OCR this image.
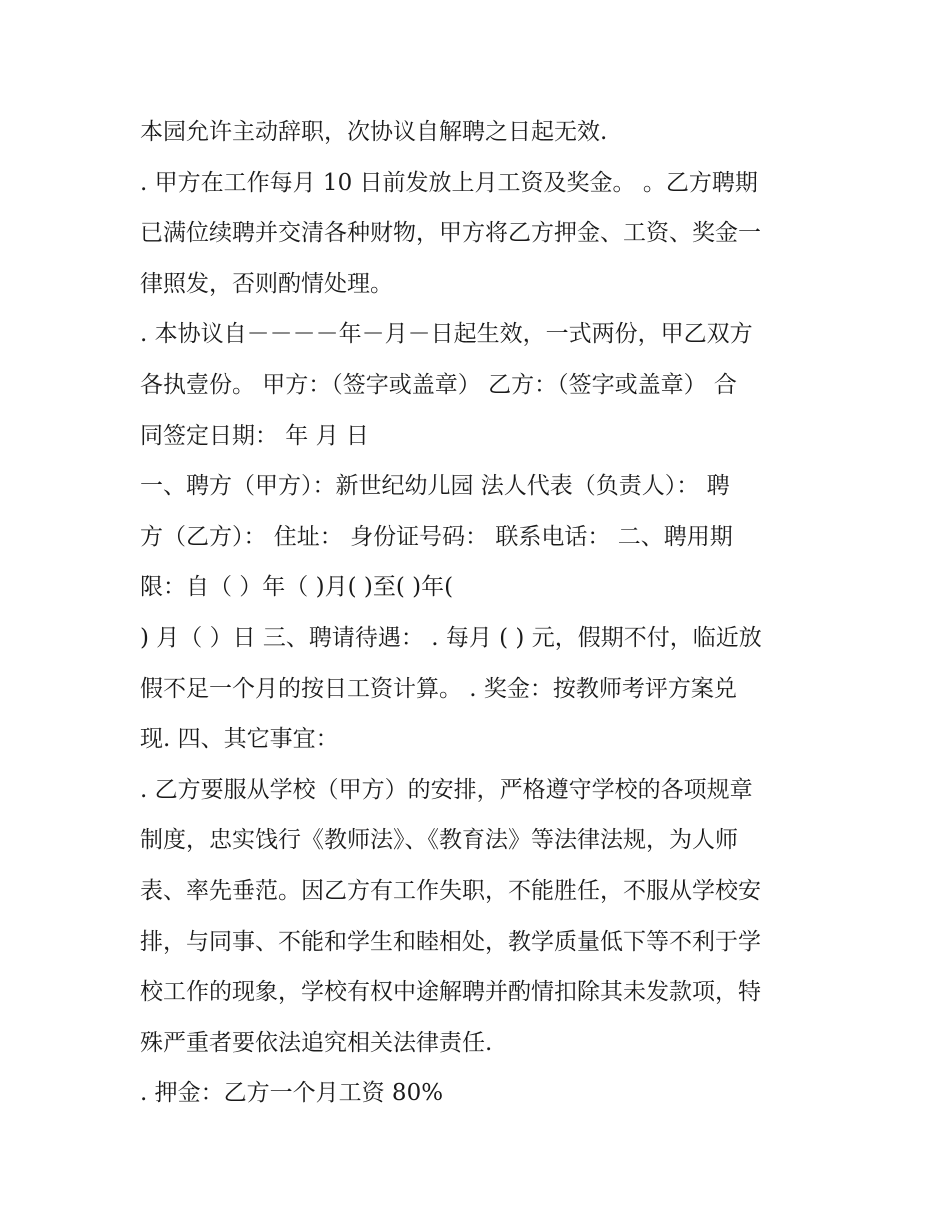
本园允许主动辞职，次协议自解聘之日起无效.
. 甲方在工作每月 10 日前发放上月工资及奖金。 。乙方聘期
已满位续聘并交清各种财物，甲方将乙方押金、工资、奖金一
律照发，否则酌情处理。
. 本协议自－－－－年－月－日起生效，一式两份，甲乙双方
各执壹份。 甲方：（签字或盖章） 乙方：（签字或盖章） 合
同签定日期： 年 月 日
一、聘方（甲方）：新世纪幼儿园 法人代表（负责人）： 聘
方（乙方）： 住址： 身份证号码： 联系电话： 二、聘用期
限：自（ ）年（ )月( )至( )年(
) 月（ ）日 三、聘请待遇： . 每月 ( ) 元，假期不付，临近放
假不足一个月的按日工资计算。 . 奖金：按教师考评方案兑
现. 四、其它事宜：
. 乙方要服从学校（甲方）的安排，严格遵守学校的各项规章
制度，忠实饯行《教师法》、《教育法》等法律法规，为人师
表、率先垂范。因乙方有工作失职，不能胜任，不服从学校安
排，与同事、不能和学生和睦相处，教学质量低下等不利于学
校工作的现象，学校有权中途解聘并酌情扣除其未发款项，特
殊严重者要依法追究相关法律责任.
. 押金：乙方一个月工资 80%
